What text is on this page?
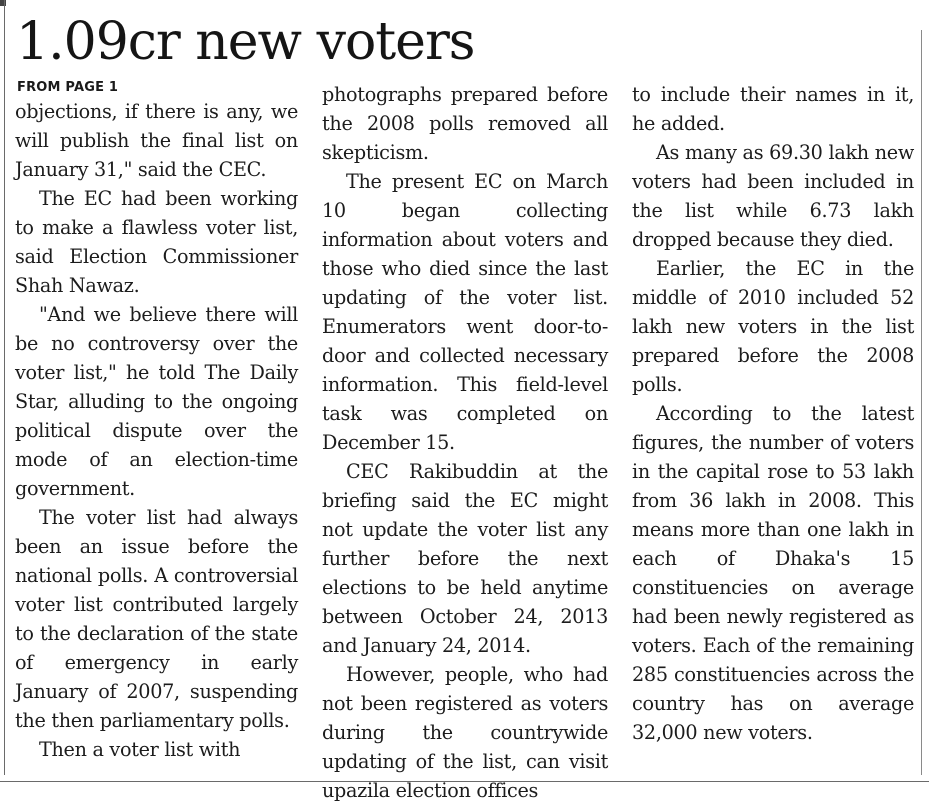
1.09cr new voters
FROM PAGE 1

objections, if there is any, we will publish the final list on January 31," said the CEC.

The EC had been working to make a flawless voter list, said Election Commissioner Shah Nawaz.

"And we believe there will be no controversy over the voter list," he told The Daily Star, alluding to the ongoing political dispute over the mode of an election-time government.

The voter list had always been an issue before the national polls. A controversial voter list contributed largely to the declaration of the state of emergency in early January of 2007, suspending the then parliamentary polls.

Then a voter list with

photographs prepared before the 2008 polls removed all skepticism.

The present EC on March 10 began collecting information about voters and those who died since the last updating of the voter list. Enumerators went door-to-door and collected necessary information. This field-level task was completed on December 15.

CEC Rakibuddin at the briefing said the EC might not update the voter list any further before the next elections to be held anytime between October 24, 2013 and January 24, 2014.

However, people, who had not been registered as voters during the countrywide updating of the list, can visit upazila election offices

to include their names in it, he added.

As many as 69.30 lakh new voters had been included in the list while 6.73 lakh dropped because they died.

Earlier, the EC in the middle of 2010 included 52 lakh new voters in the list prepared before the 2008 polls.

According to the latest figures, the number of voters in the capital rose to 53 lakh from 36 lakh in 2008. This means more than one lakh in each of Dhaka's 15 constituencies on average had been newly registered as voters. Each of the remaining 285 constituencies across the country has on average 32,000 new voters.
